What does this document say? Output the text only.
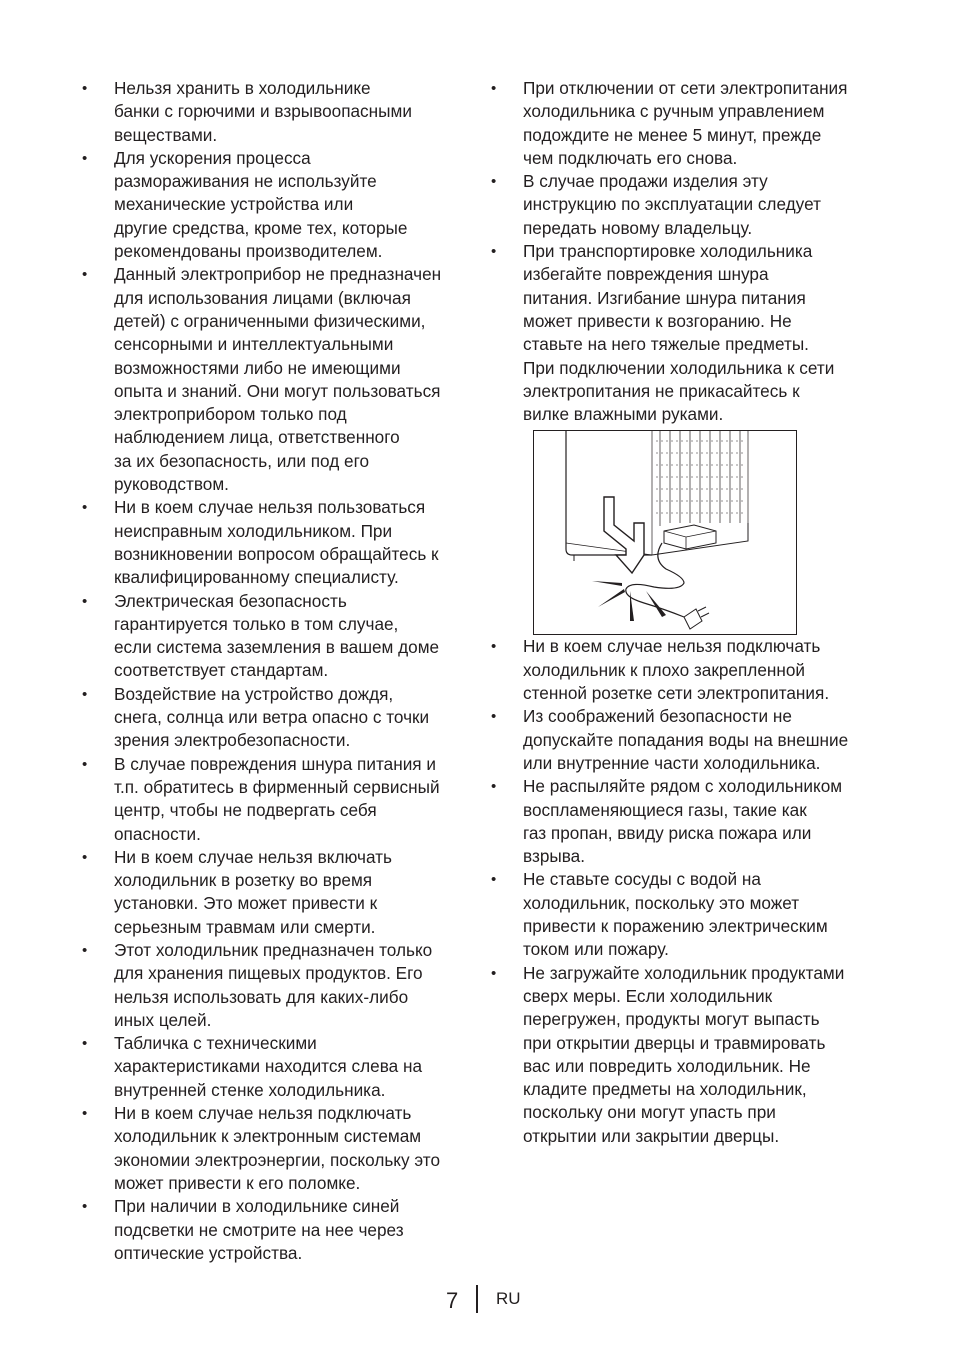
• Нельзя хранить в холодильнике
банки с горючими и взрывоопасными
веществами.
• Для ускорения процесса
размораживания не используйте
механические устройства или
другие средства, кроме тех, которые
рекомендованы производителем.
• Данный электроприбор не предназначен
для использования лицами (включая
детей) с ограниченными физическими,
сенсорными и интеллектуальными
возможностями либо не имеющими
опыта и знаний. Они могут пользоваться
электроприбором только под
наблюдением лица, ответственного
за их безопасность, или под его
руководством.
• Ни в коем случае нельзя пользоваться
неисправным холодильником. При
возникновении вопросом обращайтесь к
квалифицированному специалисту.
• Электрическая безопасность
гарантируется только в том случае,
если система заземления в вашем доме
соответствует стандартам.
• Воздействие на устройство дождя,
снега, солнца или ветра опасно с точки
зрения электробезопасности.
• В случае повреждения шнура питания и
т.п. обратитесь в фирменный сервисный
центр, чтобы не подвергать себя
опасности.
• Ни в коем случае нельзя включать
холодильник в розетку во время
установки. Это может привести к
серьезным травмам или смерти.
• Этот холодильник предназначен только
для хранения пищевых продуктов. Его
нельзя использовать для каких-либо
иных целей.
• Табличка с техническими
характеристиками находится слева на
внутренней стенке холодильника.
• Ни в коем случае нельзя подключать
холодильник к электронным системам
экономии электроэнергии, поскольку это
может привести к его поломке.
• При наличии в холодильнике синей
подсветки не смотрите на нее через
оптические устройства.
• При отключении от сети электропитания
холодильника с ручным управлением
подождите не менее 5 минут, прежде
чем подключать его снова.
• В случае продажи изделия эту
инструкцию по эксплуатации следует
передать новому владельцу.
• При транспортировке холодильника
избегайте повреждения шнура
питания. Изгибание шнура питания
может привести к возгоранию. Не
ставьте на него тяжелые предметы.
При подключении холодильника к сети
электропитания не прикасайтесь к
вилке влажными руками.
• Ни в коем случае нельзя подключать
холодильник к плохо закрепленной
стенной розетке сети электропитания.
• Из соображений безопасности не
допускайте попадания воды на внешние
или внутренние части холодильника.
• Не распыляйте рядом с холодильником
воспламеняющиеся газы, такие как
газ пропан, ввиду риска пожара или
взрыва.
• Не ставьте сосуды с водой на
холодильник, поскольку это может
привести к поражению электрическим
током или пожару.
• Не загружайте холодильник продуктами
сверх меры. Если холодильник
перегружен, продукты могут выпасть
при открытии дверцы и травмировать
вас или повредить холодильник. Не
кладите предметы на холодильник,
поскольку они могут упасть при
открытии или закрытии дверцы.
7 RU
